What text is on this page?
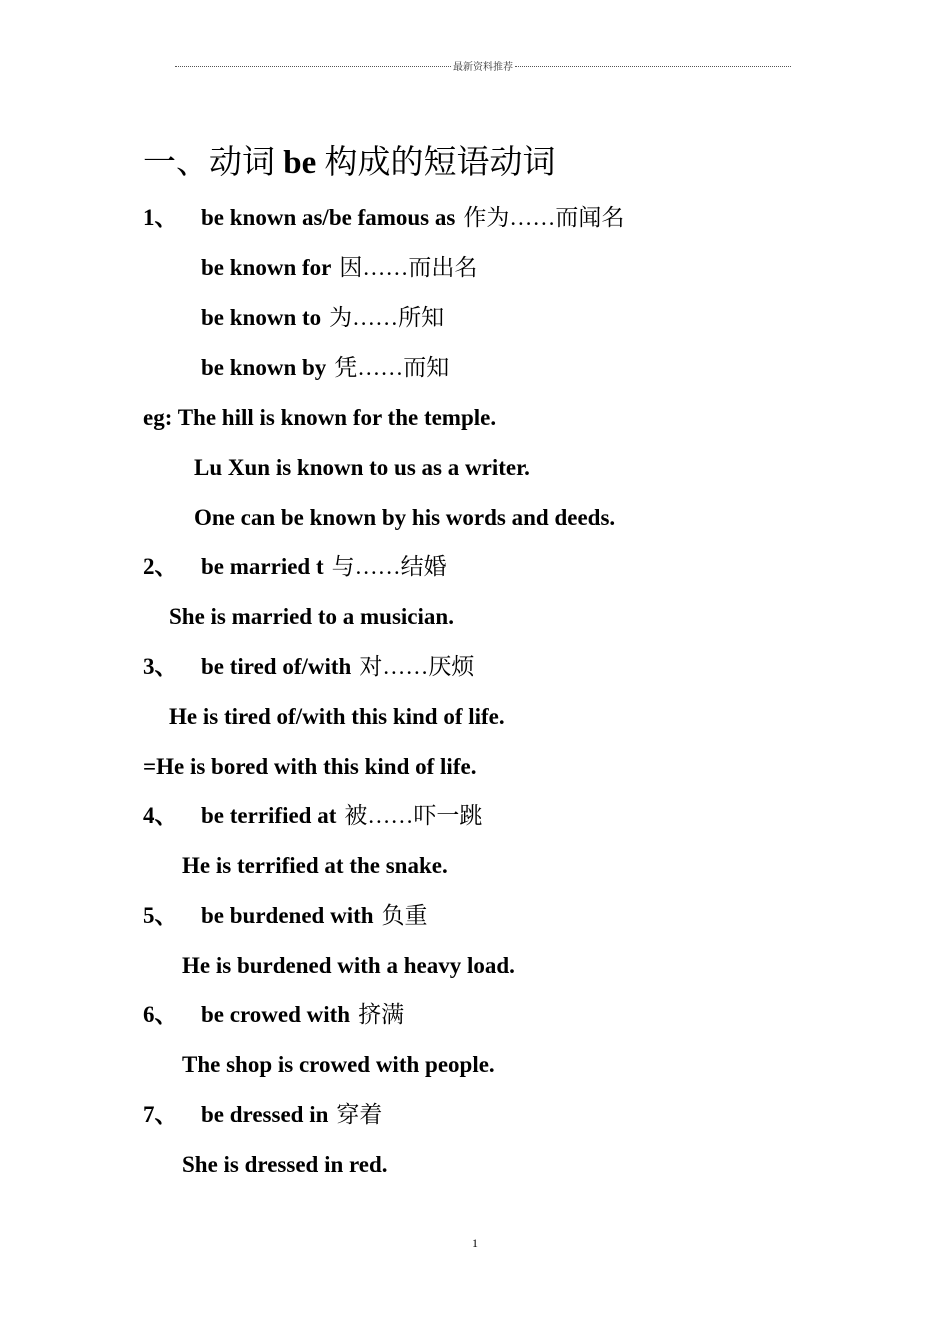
最新资料推荐
一、动词 be 构成的短语动词
1、 be known as/be famous as 作为……而闻名
be known for 因……而出名
be known to 为……所知
be known by 凭……而知
eg: The hill is known for the temple.
Lu Xun is known to us as a writer.
One can be known by his words and deeds.
2、 be married t 与……结婚
She is married to a musician.
3、 be tired of/with 对……厌烦
He is tired of/with this kind of life.
=He is bored with this kind of life.
4、 be terrified at 被……吓一跳
He is terrified at the snake.
5、 be burdened with 负重
He is burdened with a heavy load.
6、 be crowed with 挤满
The shop is crowed with people.
7、 be dressed in 穿着
She is dressed in red.
1
